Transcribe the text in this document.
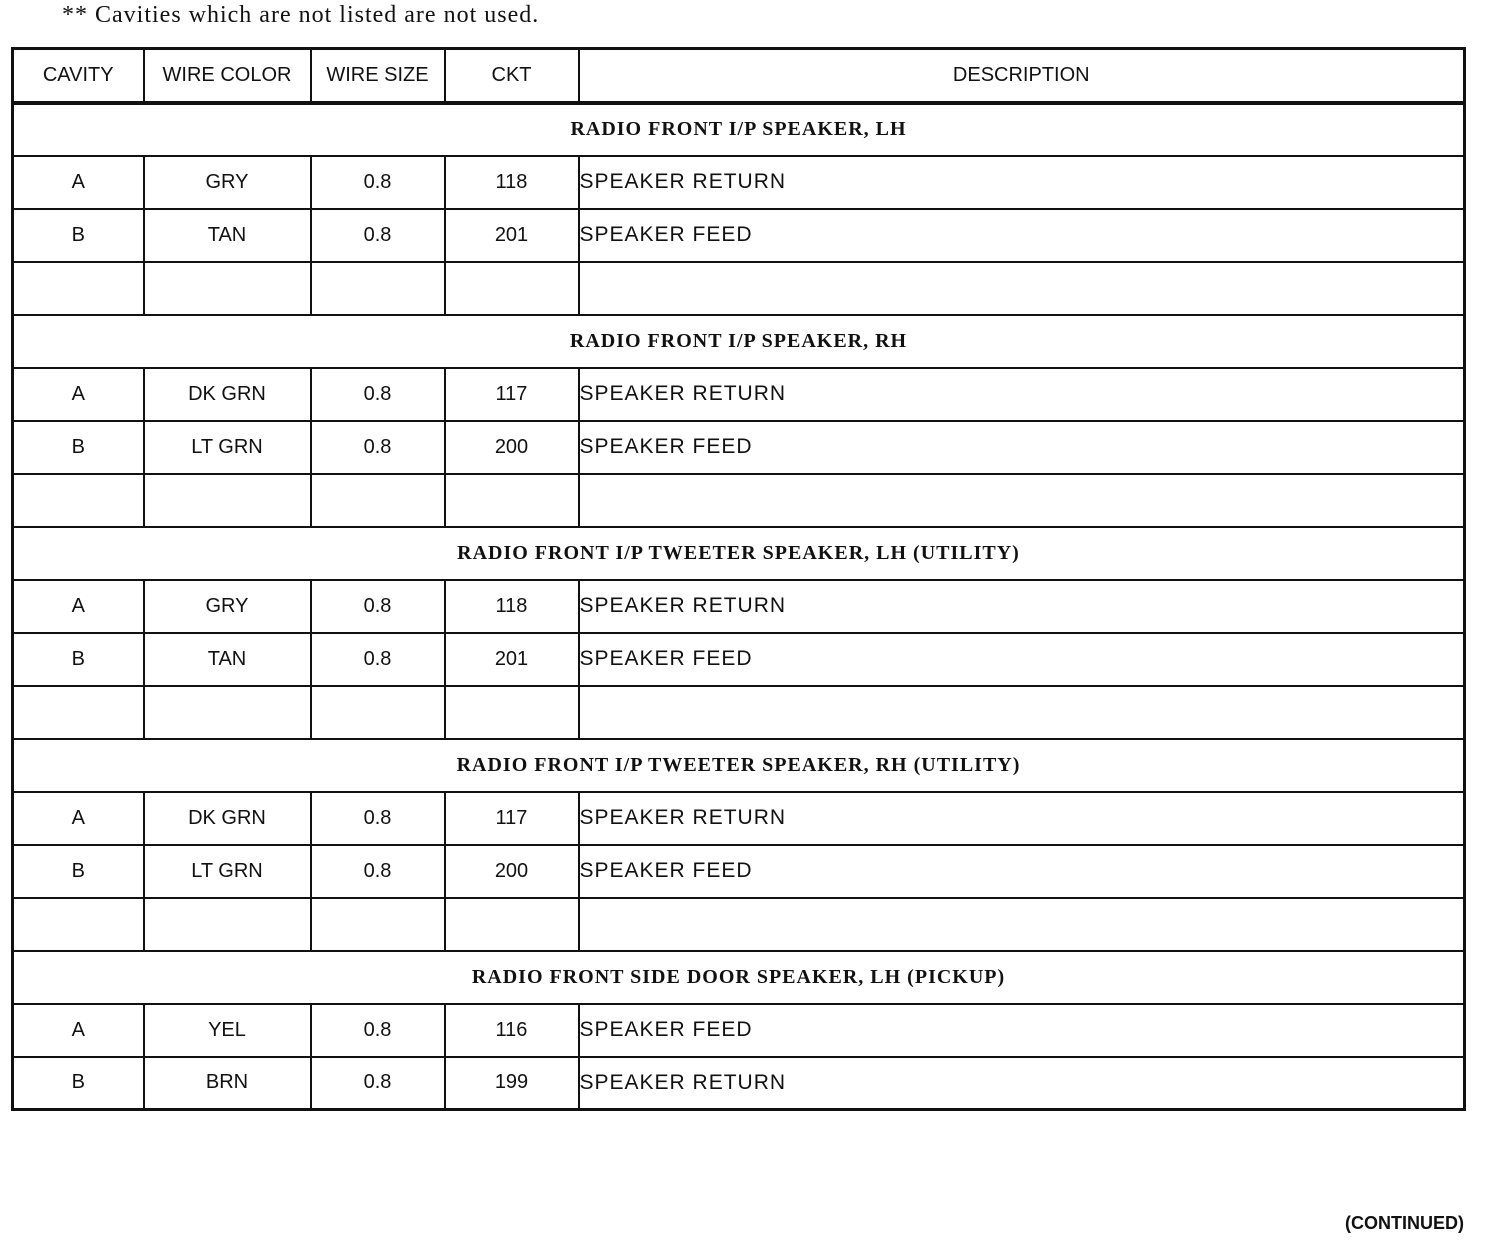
** Cavities which are not listed are not used.
CAVITY	WIRE COLOR	WIRE SIZE	CKT	DESCRIPTION
RADIO FRONT I/P SPEAKER, LH				
A	GRY	0.8	118	SPEAKER RETURN
B	TAN	0.8	201	SPEAKER FEED

RADIO FRONT I/P SPEAKER, RH				
A	DK GRN	0.8	117	SPEAKER RETURN
B	LT GRN	0.8	200	SPEAKER FEED

RADIO FRONT I/P TWEETER SPEAKER, LH (UTILITY)				
A	GRY	0.8	118	SPEAKER RETURN
B	TAN	0.8	201	SPEAKER FEED

RADIO FRONT I/P TWEETER SPEAKER, RH (UTILITY)				
A	DK GRN	0.8	117	SPEAKER RETURN
B	LT GRN	0.8	200	SPEAKER FEED

RADIO FRONT SIDE DOOR SPEAKER, LH (PICKUP)				
A	YEL	0.8	116	SPEAKER FEED
B	BRN	0.8	199	SPEAKER RETURN
(CONTINUED)
